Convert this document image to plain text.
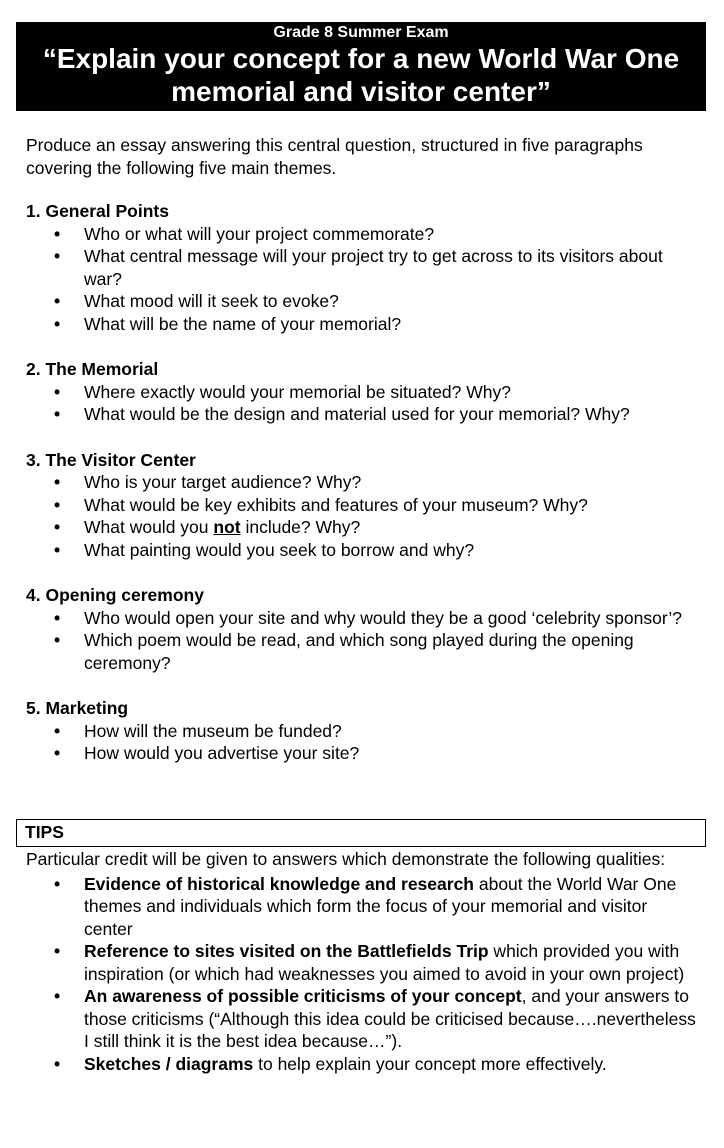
Grade 8 Summer Exam
“Explain your concept for a new World War One
memorial and visitor center”

Produce an essay answering this central question, structured in five paragraphs covering the following five main themes.

1. General Points
• Who or what will your project commemorate?
• What central message will your project try to get across to its visitors about war?
• What mood will it seek to evoke?
• What will be the name of your memorial?
2. The Memorial
• Where exactly would your memorial be situated? Why?
• What would be the design and material used for your memorial? Why?
3. The Visitor Center
• Who is your target audience? Why?
• What would be key exhibits and features of your museum? Why?
• What would you not include? Why?
• What painting would you seek to borrow and why?
4. Opening ceremony
• Who would open your site and why would they be a good ‘celebrity sponsor’?
• Which poem would be read, and which song played during the opening ceremony?
5. Marketing
• How will the museum be funded?
• How would you advertise your site?
TIPS

Particular credit will be given to answers which demonstrate the following qualities:

• Evidence of historical knowledge and research about the World War One themes and individuals which form the focus of your memorial and visitor center
• Reference to sites visited on the Battlefields Trip which provided you with inspiration (or which had weaknesses you aimed to avoid in your own project)
• An awareness of possible criticisms of your concept, and your answers to those criticisms (“Although this idea could be criticised because….nevertheless I still think it is the best idea because…”).
• Sketches / diagrams to help explain your concept more effectively.
